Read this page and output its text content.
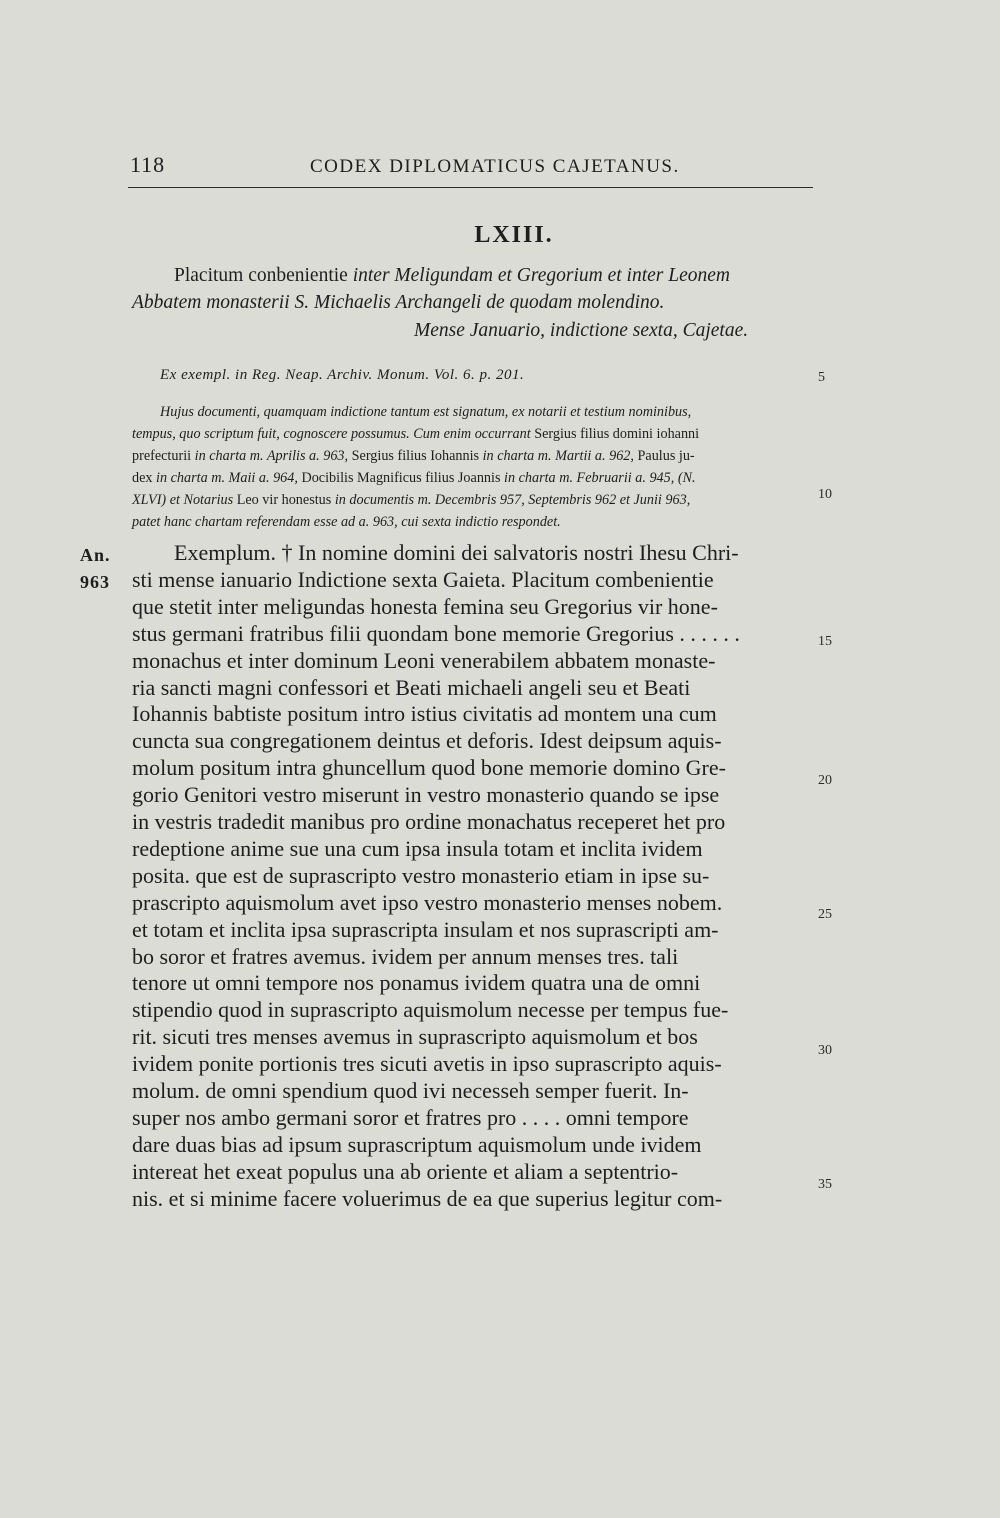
118	CODEX DIPLOMATICUS CAJETANUS.
LXIII.
Placitum conbenientie inter Meligundam et Gregorium et inter Leonem
Abbatem monasterii S. Michaelis Archangeli de quodam molendino.
Mense Januario, indictione sexta, Cajetae.
Ex exempl. in Reg. Neap. Archiv. Monum. Vol. 6. p. 201.	5
Hujus documenti, quamquam indictione tantum est signatum, ex notarii et testium nominibus,
tempus, quo scriptum fuit, cognoscere possumus. Cum enim occurrant Sergius filius domini iohanni
prefecturii in charta m. Aprilis a. 963, Sergius filius Iohannis in charta m. Martii a. 962, Paulus ju-
dex in charta m. Maii a. 964, Docibilis Magnificus filius Joannis in charta m. Februarii a. 945, (N.
XLVI) et Notarius Leo vir honestus in documentis m. Decembris 957, Septembris 962 et Junii 963,
patet hanc chartam referendam esse ad a. 963, cui sexta indictio respondet.
10
An.
963
15
20
25
30
35
Exemplum. † In nomine domini dei salvatoris nostri Ihesu Chri-
sti mense ianuario Indictione sexta Gaieta. Placitum combenientie
que stetit inter meligundas honesta femina seu Gregorius vir hone-
stus germani fratribus filii quondam bone memorie Gregorius . . . . . .
monachus et inter dominum Leoni venerabilem abbatem monaste-
ria sancti magni confessori et Beati michaeli angeli seu et Beati
Iohannis babtiste positum intro istius civitatis ad montem una cum
cuncta sua congregationem deintus et deforis. Idest deipsum aquis-
molum positum intra ghuncellum quod bone memorie domino Gre-
gorio Genitori vestro miserunt in vestro monasterio quando se ipse
in vestris tradedit manibus pro ordine monachatus receperet het pro
redeptione anime sue una cum ipsa insula totam et inclita ividem
posita. que est de suprascripto vestro monasterio etiam in ipse su-
prascripto aquismolum avet ipso vestro monasterio menses nobem.
et totam et inclita ipsa suprascripta insulam et nos suprascripti am-
bo soror et fratres avemus. ividem per annum menses tres. tali
tenore ut omni tempore nos ponamus ividem quatra una de omni
stipendio quod in suprascripto aquismolum necesse per tempus fue-
rit. sicuti tres menses avemus in suprascripto aquismolum et bos
ividem ponite portionis tres sicuti avetis in ipso suprascripto aquis-
molum. de omni spendium quod ivi necesseh semper fuerit. In-
super nos ambo germani soror et fratres pro . . . . omni tempore
dare duas bias ad ipsum suprascriptum aquismolum unde ividem
intereat het exeat populus una ab oriente et aliam a septentrio-
nis. et si minime facere voluerimus de ea que superius legitur com-
